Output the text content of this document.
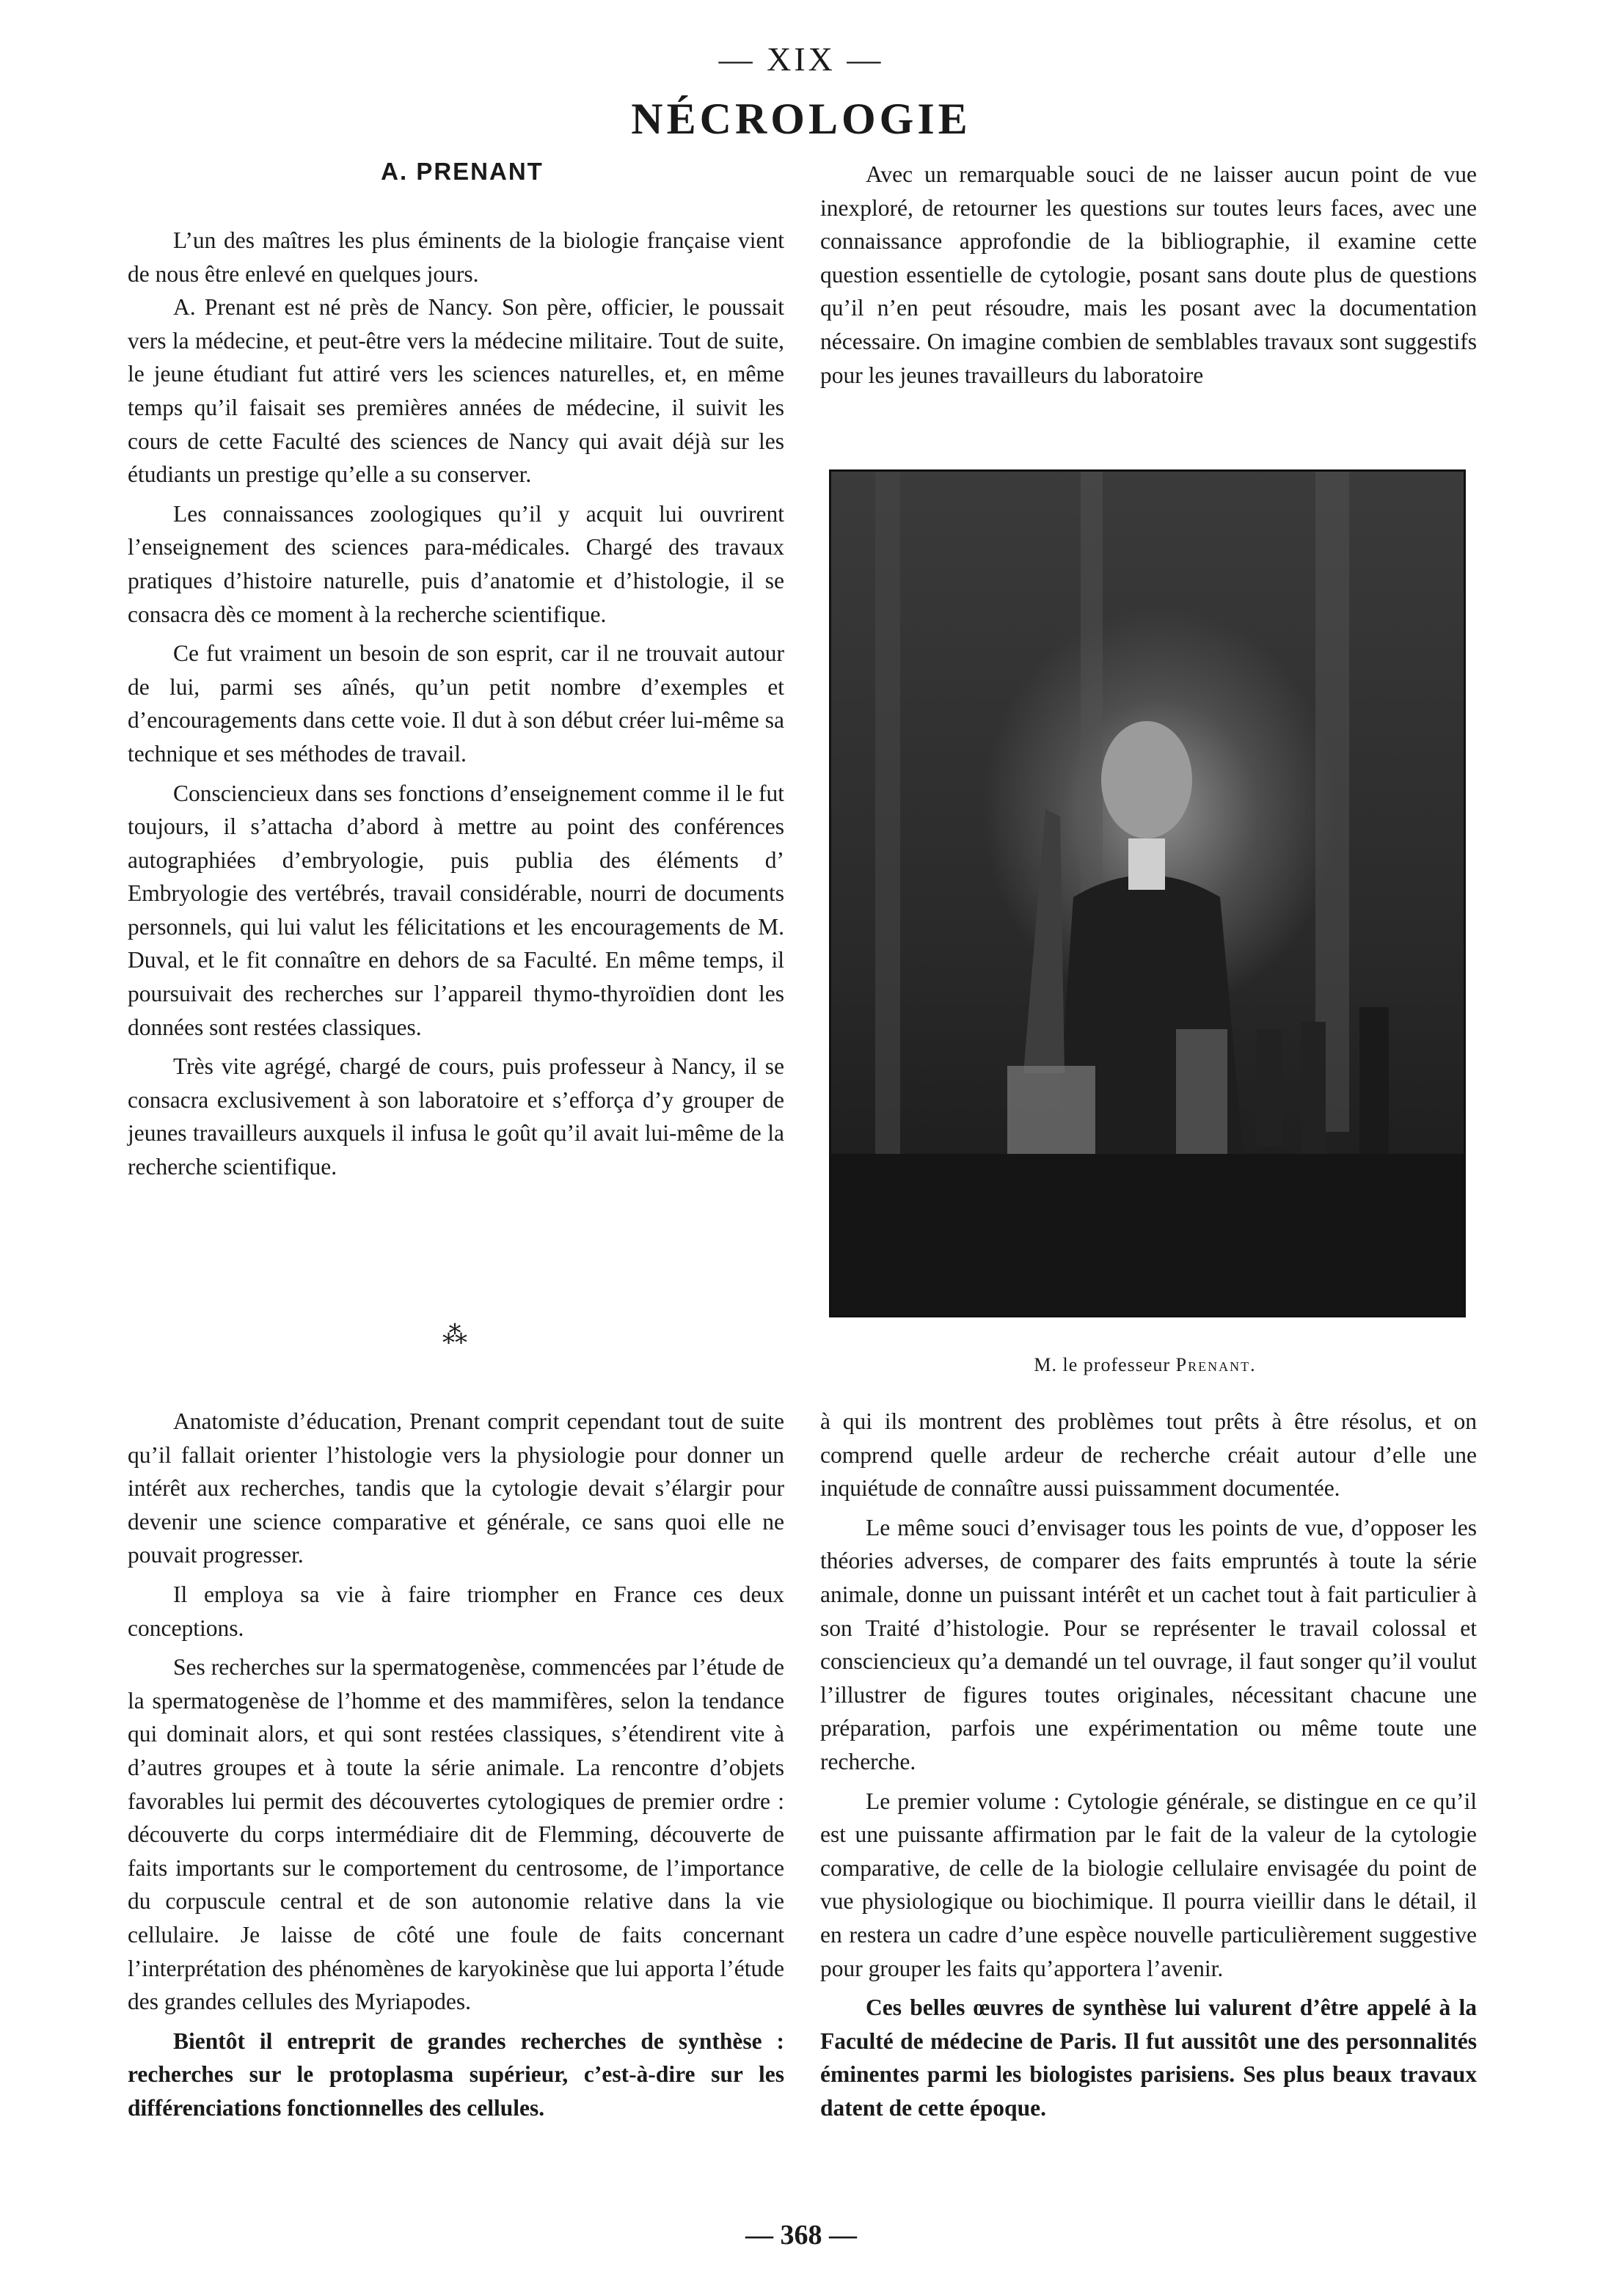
— XIX —
NÉCROLOGIE
A. PRENANT

L’un des maîtres les plus éminents de la biologie française vient de nous être enlevé en quelques jours.

A. Prenant est né près de Nancy. Son père, officier, le poussait vers la médecine, et peut-être vers la médecine militaire. Tout de suite, le jeune étudiant fut attiré vers les sciences naturelles, et, en même temps qu’il faisait ses premières années de médecine, il suivit les cours de cette Faculté des sciences de Nancy qui avait déjà sur les étudiants un prestige qu’elle a su conserver.

Les connaissances zoologiques qu’il y acquit lui ouvrirent l’enseignement des sciences para-médicales. Chargé des travaux pratiques d’histoire naturelle, puis d’anatomie et d’histologie, il se consacra dès ce moment à la recherche scientifique.

Ce fut vraiment un besoin de son esprit, car il ne trouvait autour de lui, parmi ses aînés, qu’un petit nombre d’exemples et d’encouragements dans cette voie. Il dut à son début créer lui-même sa technique et ses méthodes de travail.

Consciencieux dans ses fonctions d’enseignement comme il le fut toujours, il s’attacha d’abord à mettre au point des conférences autographiées d’embryologie, puis publia des éléments d’ Embryologie des vertébrés, travail considérable, nourri de documents personnels, qui lui valut les félicitations et les encouragements de M. Duval, et le fit connaître en dehors de sa Faculté. En même temps, il poursuivait des recherches sur l’appareil thymo-thyroïdien dont les données sont restées classiques.

Très vite agrégé, chargé de cours, puis professeur à Nancy, il se consacra exclusivement à son laboratoire et s’efforça d’y grouper de jeunes travailleurs auxquels il infusa le goût qu’il avait lui-même de la recherche scientifique.

⁂

Avec un remarquable souci de ne laisser aucun point de vue inexploré, de retourner les questions sur toutes leurs faces, avec une connaissance approfondie de la bibliographie, il examine cette question essentielle de cytologie, posant sans doute plus de questions qu’il n’en peut résoudre, mais les posant avec la documentation nécessaire. On imagine combien de semblables travaux sont suggestifs pour les jeunes travailleurs du laboratoire

M. le professeur Prenant.

Anatomiste d’éducation, Prenant comprit cependant tout de suite qu’il fallait orienter l’histologie vers la physiologie pour donner un intérêt aux recherches, tandis que la cytologie devait s’élargir pour devenir une science comparative et générale, ce sans quoi elle ne pouvait progresser.

Il employa sa vie à faire triompher en France ces deux conceptions.

Ses recherches sur la spermatogenèse, commencées par l’étude de la spermatogenèse de l’homme et des mammifères, selon la tendance qui dominait alors, et qui sont restées classiques, s’étendirent vite à d’autres groupes et à toute la série animale. La rencontre d’objets favorables lui permit des découvertes cytologiques de premier ordre : découverte du corps intermédiaire dit de Flemming, découverte de faits importants sur le comportement du centrosome, de l’importance du corpuscule central et de son autonomie relative dans la vie cellulaire. Je laisse de côté une foule de faits concernant l’interprétation des phénomènes de karyokinèse que lui apporta l’étude des grandes cellules des Myriapodes.

Bientôt il entreprit de grandes recherches de synthèse : recherches sur le protoplasma supérieur, c’est-à-dire sur les différenciations fonctionnelles des cellules.

à qui ils montrent des problèmes tout prêts à être résolus, et on comprend quelle ardeur de recherche créait autour d’elle une inquiétude de connaître aussi puissamment documentée.

Le même souci d’envisager tous les points de vue, d’opposer les théories adverses, de comparer des faits empruntés à toute la série animale, donne un puissant intérêt et un cachet tout à fait particulier à son Traité d’histologie. Pour se représenter le travail colossal et consciencieux qu’a demandé un tel ouvrage, il faut songer qu’il voulut l’illustrer de figures toutes originales, nécessitant chacune une préparation, parfois une expérimentation ou même toute une recherche.

Le premier volume : Cytologie générale, se distingue en ce qu’il est une puissante affirmation par le fait de la valeur de la cytologie comparative, de celle de la biologie cellulaire envisagée du point de vue physiologique ou biochimique. Il pourra vieillir dans le détail, il en restera un cadre d’une espèce nouvelle particulièrement suggestive pour grouper les faits qu’apportera l’avenir.

Ces belles œuvres de synthèse lui valurent d’être appelé à la Faculté de médecine de Paris. Il fut aussitôt une des personnalités éminentes parmi les biologistes parisiens. Ses plus beaux travaux datent de cette époque.

— 368 —
